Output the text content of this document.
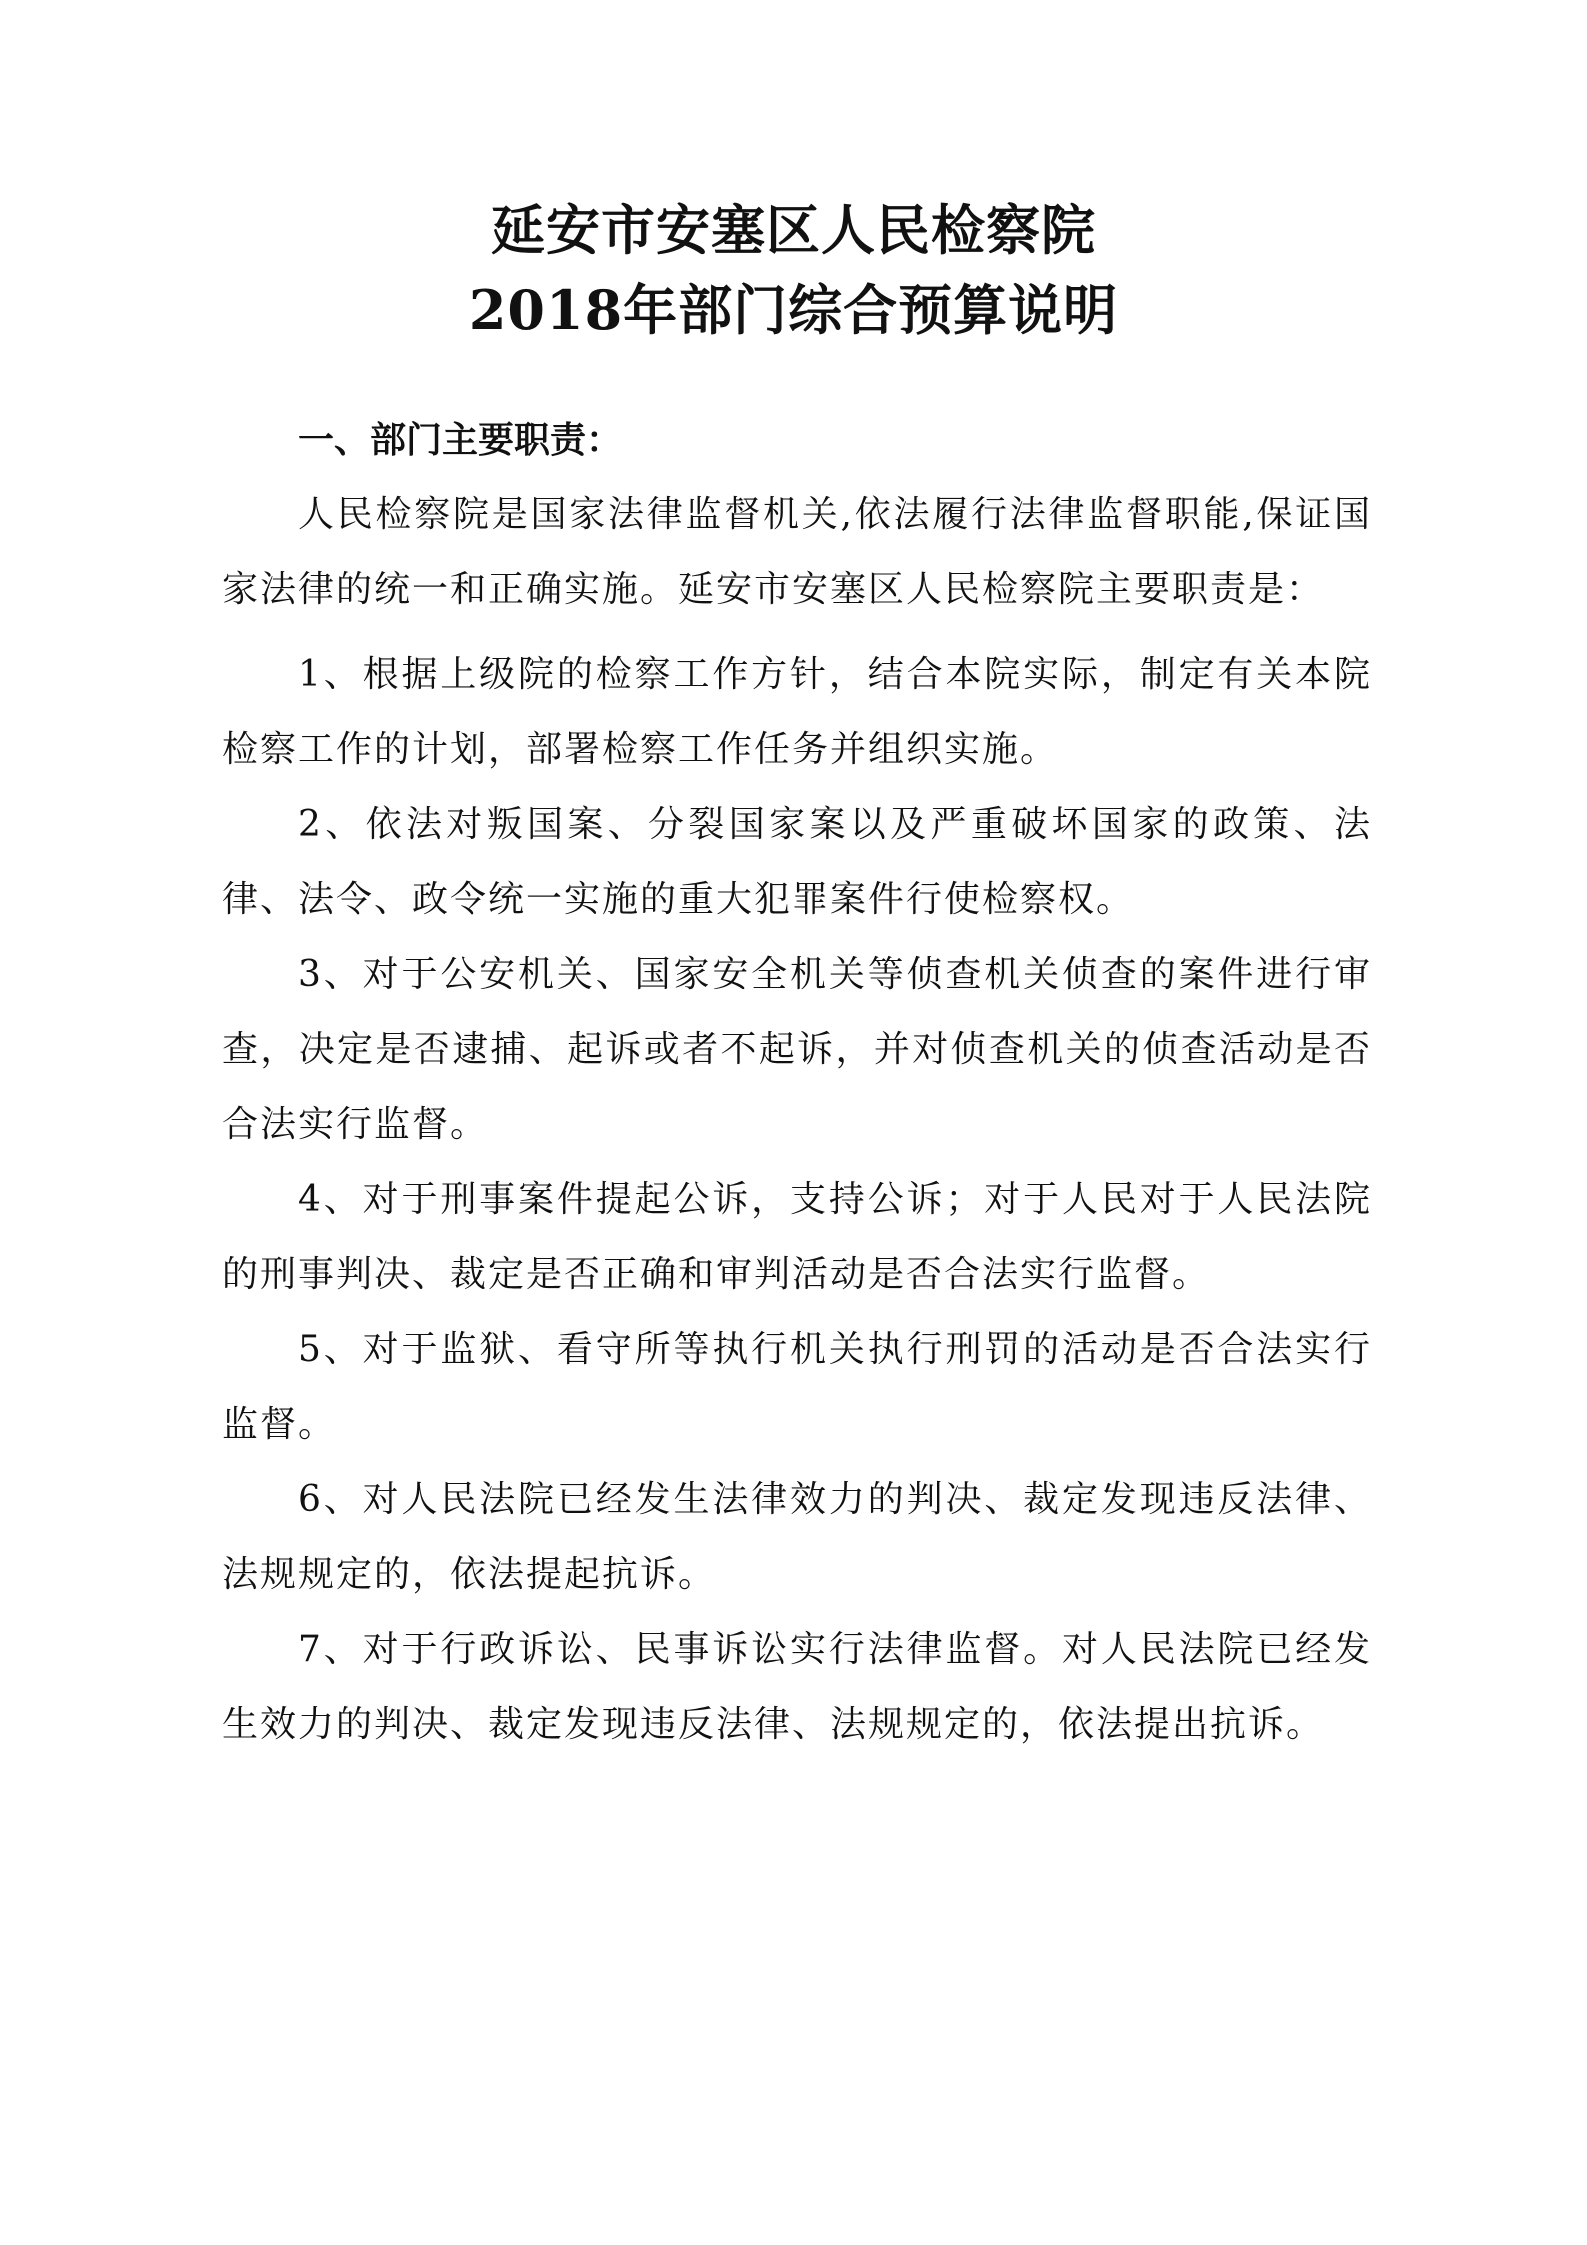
延安市安塞区人民检察院
2018年部门综合预算说明

一、部门主要职责：

人民检察院是国家法律监督机关,依法履行法律监督职能,保证国家法律的统一和正确实施。延安市安塞区人民检察院主要职责是：

1、根据上级院的检察工作方针，结合本院实际，制定有关本院检察工作的计划，部署检察工作任务并组织实施。

2、依法对叛国案、分裂国家案以及严重破坏国家的政策、法律、法令、政令统一实施的重大犯罪案件行使检察权。

3、对于公安机关、国家安全机关等侦查机关侦查的案件进行审查，决定是否逮捕、起诉或者不起诉，并对侦查机关的侦查活动是否合法实行监督。

4、对于刑事案件提起公诉，支持公诉；对于人民对于人民法院的刑事判决、裁定是否正确和审判活动是否合法实行监督。

5、对于监狱、看守所等执行机关执行刑罚的活动是否合法实行监督。

6、对人民法院已经发生法律效力的判决、裁定发现违反法律、法规规定的，依法提起抗诉。

7、对于行政诉讼、民事诉讼实行法律监督。对人民法院已经发生效力的判决、裁定发现违反法律、法规规定的，依法提出抗诉。
